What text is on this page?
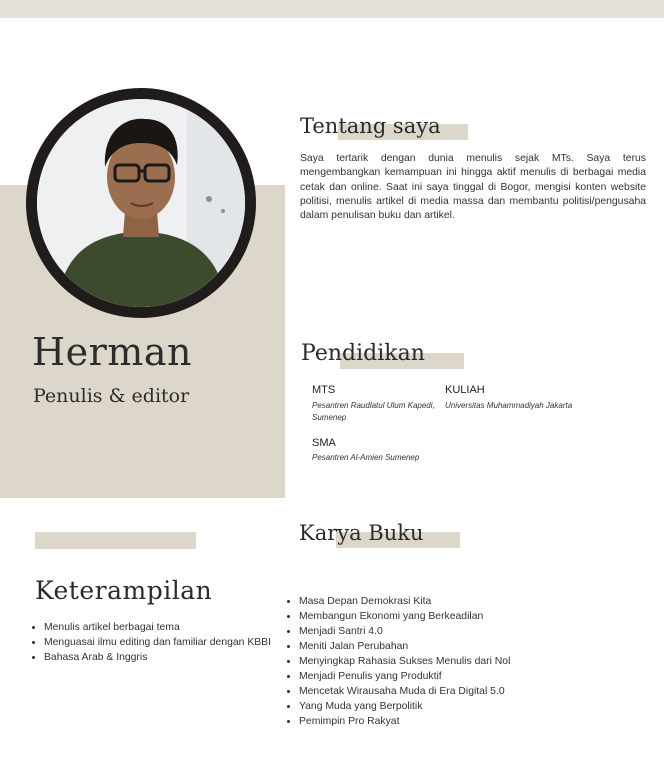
Herman
Penulis & editor
Tentang saya
Saya tertarik dengan dunia menulis sejak MTs. Saya terus mengembangkan kemampuan ini hingga aktif menulis di berbagai media cetak dan online. Saat ini saya tinggal di Bogor, mengisi konten website politisi, menulis artikel di media massa dan membantu politisi/pengusaha dalam penulisan buku dan artikel.
Pendidikan
MTS
Pesantren Raudlatul Ulum Kapedi, Sumenep
KULIAH
Universitas Muhammadiyah Jakarta
SMA
Pesantren Al-Amien Sumenep
Karya Buku
• Masa Depan Demokrasi Kita
• Membangun Ekonomi yang Berkeadilan
• Menjadi Santri 4.0
• Meniti Jalan Perubahan
• Menyingkap Rahasia Sukses Menulis dari Nol
• Menjadi Penulis yang Produktif
• Mencetak Wirausaha Muda di Era Digital 5.0
• Yang Muda yang Berpolitik
• Pemimpin Pro Rakyat
Keterampilan
• Menulis artikel berbagai tema
• Menguasai ilmu editing dan familiar dengan KBBI
• Bahasa Arab & Inggris
